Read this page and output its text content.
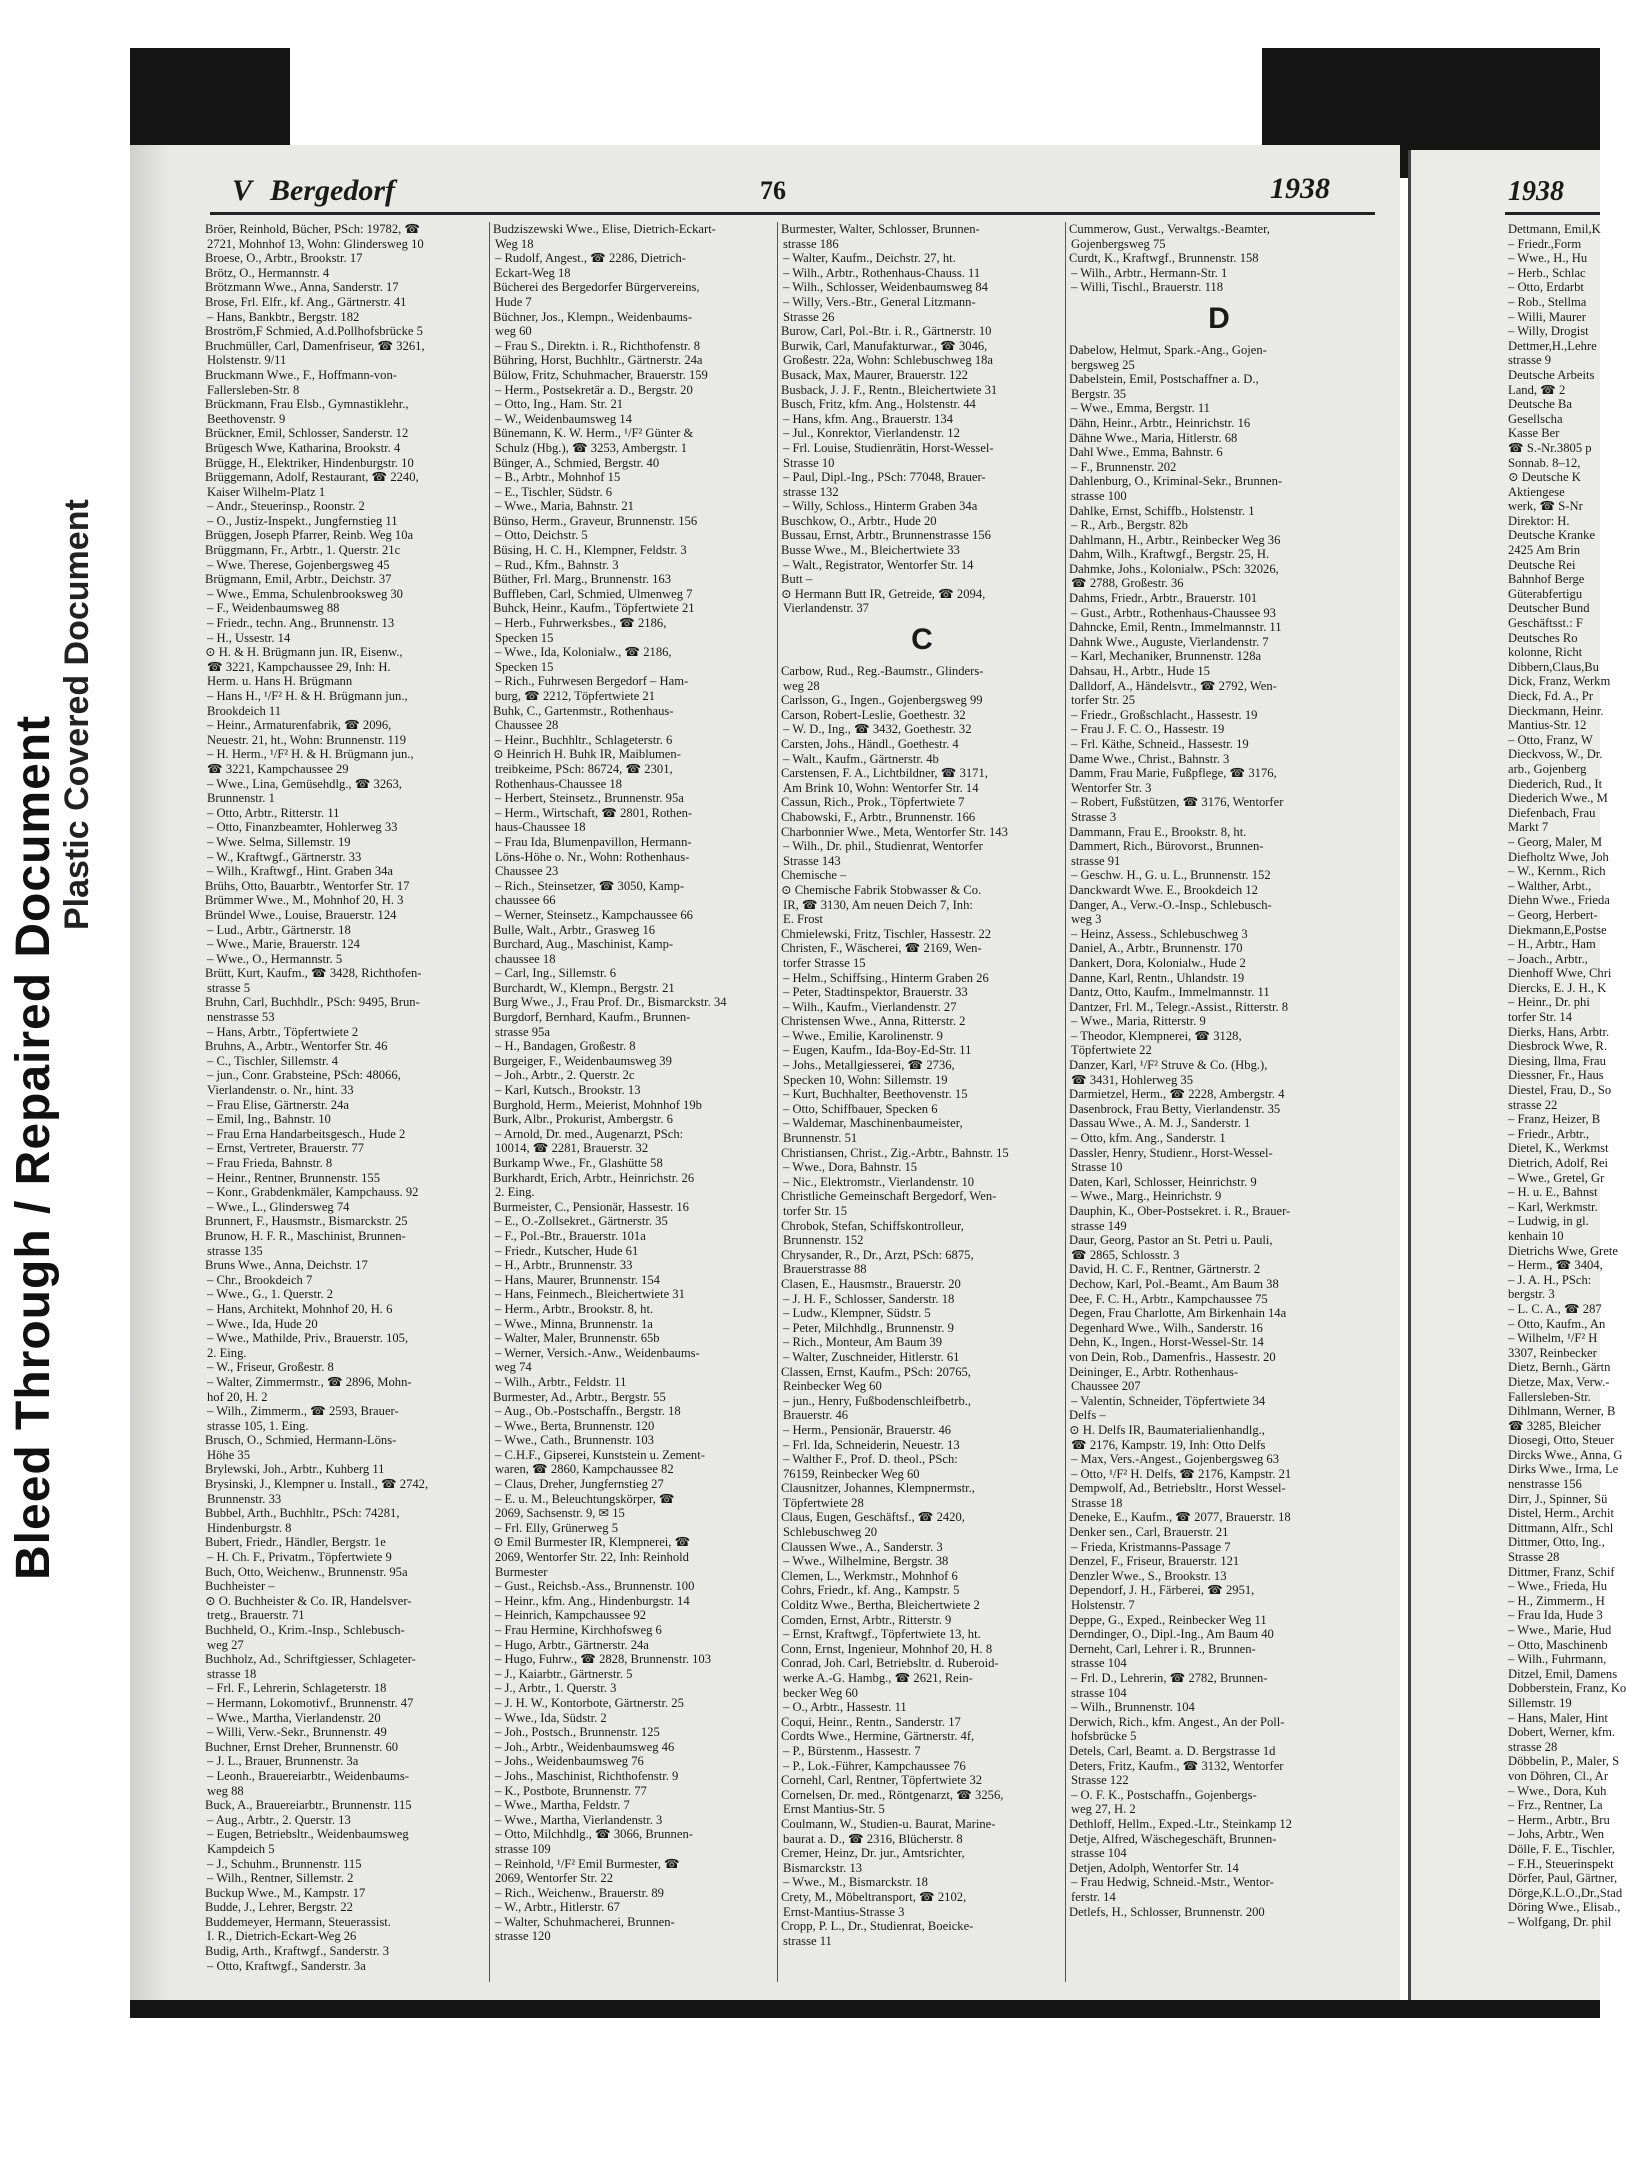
Bleed Through / Repaired Document
Plastic Covered Document
V Bergedorf	76	1938
Bröer, Reinhold, Bücher, PSch: 19782, ☎
2721, Mohnhof 13, Wohn: Glindersweg 10
Broese, O., Arbtr., Brookstr. 17
Brötz, O., Hermannstr. 4
Brötzmann Wwe., Anna, Sanderstr. 17
Brose, Frl. Elfr., kf. Ang., Gärtnerstr. 41
– Hans, Bankbtr., Bergstr. 182
Broström,F Schmied, A.d.Pollhofsbrücke 5
Bruchmüller, Carl, Damenfriseur, ☎ 3261,
Holstenstr. 9/11
Bruckmann Wwe., F., Hoffmann-von-
Fallersleben-Str. 8
Brückmann, Frau Elsb., Gymnastiklehr.,
Beethovenstr. 9
Brückner, Emil, Schlosser, Sanderstr. 12
Brügesch Wwe, Katharina, Brookstr. 4
Brügge, H., Elektriker, Hindenburgstr. 10
Brüggemann, Adolf, Restaurant, ☎ 2240,
Kaiser Wilhelm-Platz 1
– Andr., Steuerinsp., Roonstr. 2
– O., Justiz-Inspekt., Jungfernstieg 11
Brüggen, Joseph Pfarrer, Reinb. Weg 10a
Brüggmann, Fr., Arbtr., 1. Querstr. 21c
– Wwe. Therese, Gojenbergsweg 45
Brügmann, Emil, Arbtr., Deichstr. 37
– Wwe., Emma, Schulenbrooksweg 30
– F., Weidenbaumsweg 88
– Friedr., techn. Ang., Brunnenstr. 13
– H., Ussestr. 14
⊙ H. & H. Brügmann jun. IR, Eisenw.,
☎ 3221, Kampchaussee 29, Inh: H.
Herm. u. Hans H. Brügmann
– Hans H., ¹/F² H. & H. Brügmann jun.,
Brookdeich 11
– Heinr., Armaturenfabrik, ☎ 2096,
Neuestr. 21, ht., Wohn: Brunnenstr. 119
– H. Herm., ¹/F² H. & H. Brügmann jun.,
☎ 3221, Kampchaussee 29
– Wwe., Lina, Gemüsehdlg., ☎ 3263,
Brunnenstr. 1
– Otto, Arbtr., Ritterstr. 11
– Otto, Finanzbeamter, Hohlerweg 33
– Wwe. Selma, Sillemstr. 19
– W., Kraftwgf., Gärtnerstr. 33
– Wilh., Kraftwgf., Hint. Graben 34a
Brühs, Otto, Bauarbtr., Wentorfer Str. 17
Brümmer Wwe., M., Mohnhof 20, H. 3
Bründel Wwe., Louise, Brauerstr. 124
– Lud., Arbtr., Gärtnerstr. 18
– Wwe., Marie, Brauerstr. 124
– Wwe., O., Hermannstr. 5
Brütt, Kurt, Kaufm., ☎ 3428, Richthofen-
strasse 5
Bruhn, Carl, Buchhdlr., PSch: 9495, Brun-
nenstrasse 53
– Hans, Arbtr., Töpfertwiete 2
Bruhns, A., Arbtr., Wentorfer Str. 46
– C., Tischler, Sillemstr. 4
– jun., Conr. Grabsteine, PSch: 48066,
Vierlandenstr. o. Nr., hint. 33
– Frau Elise, Gärtnerstr. 24a
– Emil, Ing., Bahnstr. 10
– Frau Erna Handarbeitsgesch., Hude 2
– Ernst, Vertreter, Brauerstr. 77
– Frau Frieda, Bahnstr. 8
– Heinr., Rentner, Brunnenstr. 155
– Konr., Grabdenkmäler, Kampchauss. 92
– Wwe., L., Glindersweg 74
Brunnert, F., Hausmstr., Bismarckstr. 25
Brunow, H. F. R., Maschinist, Brunnen-
strasse 135
Bruns Wwe., Anna, Deichstr. 17
– Chr., Brookdeich 7
– Wwe., G., 1. Querstr. 2
– Hans, Architekt, Mohnhof 20, H. 6
– Wwe., Ida, Hude 20
– Wwe., Mathilde, Priv., Brauerstr. 105,
2. Eing.
– W., Friseur, Großestr. 8
– Walter, Zimmermstr., ☎ 2896, Mohn-
hof 20, H. 2
– Wilh., Zimmerm., ☎ 2593, Brauer-
strasse 105, 1. Eing.
Brusch, O., Schmied, Hermann-Löns-
Höhe 35
Brylewski, Joh., Arbtr., Kuhberg 11
Brysinski, J., Klempner u. Install., ☎ 2742,
Brunnenstr. 33
Bubbel, Arth., Buchhltr., PSch: 74281,
Hindenburgstr. 8
Bubert, Friedr., Händler, Bergstr. 1e
– H. Ch. F., Privatm., Töpfertwiete 9
Buch, Otto, Weichenw., Brunnenstr. 95a
Buchheister –
⊙ O. Buchheister & Co. IR, Handelsver-
tretg., Brauerstr. 71
Buchheld, O., Krim.-Insp., Schlebusch-
weg 27
Buchholz, Ad., Schriftgiesser, Schlageter-
strasse 18
– Frl. F., Lehrerin, Schlageterstr. 18
– Hermann, Lokomotivf., Brunnenstr. 47
– Wwe., Martha, Vierlandenstr. 20
– Willi, Verw.-Sekr., Brunnenstr. 49
Buchner, Ernst Dreher, Brunnenstr. 60
– J. L., Brauer, Brunnenstr. 3a
– Leonh., Brauereiarbtr., Weidenbaums-
weg 88
Buck, A., Brauereiarbtr., Brunnenstr. 115
– Aug., Arbtr., 2. Querstr. 13
– Eugen, Betriebsltr., Weidenbaumsweg
Kampdeich 5
– J., Schuhm., Brunnenstr. 115
– Wilh., Rentner, Sillemstr. 2
Buckup Wwe., M., Kampstr. 17
Budde, J., Lehrer, Bergstr. 22
Buddemeyer, Hermann, Steuerassist.
I. R., Dietrich-Eckart-Weg 26
Budig, Arth., Kraftwgf., Sanderstr. 3
– Otto, Kraftwgf., Sanderstr. 3a
Budziszewski Wwe., Elise, Dietrich-Eckart-
Weg 18
– Rudolf, Angest., ☎ 2286, Dietrich-
Eckart-Weg 18
Bücherei des Bergedorfer Bürgervereins,
Hude 7
Büchner, Jos., Klempn., Weidenbaums-
weg 60
– Frau S., Direktn. i. R., Richthofenstr. 8
Bühring, Horst, Buchhltr., Gärtnerstr. 24a
Bülow, Fritz, Schuhmacher, Brauerstr. 159
– Herm., Postsekretär a. D., Bergstr. 20
– Otto, Ing., Ham. Str. 21
– W., Weidenbaumsweg 14
Bünemann, K. W. Herm., ¹/F² Günter &
Schulz (Hbg.), ☎ 3253, Ambergstr. 1
Bünger, A., Schmied, Bergstr. 40
– B., Arbtr., Mohnhof 15
– E., Tischler, Südstr. 6
– Wwe., Maria, Bahnstr. 21
Bünso, Herm., Graveur, Brunnenstr. 156
– Otto, Deichstr. 5
Büsing, H. C. H., Klempner, Feldstr. 3
– Rud., Kfm., Bahnstr. 3
Büther, Frl. Marg., Brunnenstr. 163
Buffleben, Carl, Schmied, Ulmenweg 7
Buhck, Heinr., Kaufm., Töpfertwiete 21
– Herb., Fuhrwerksbes., ☎ 2186,
Specken 15
– Wwe., Ida, Kolonialw., ☎ 2186,
Specken 15
– Rich., Fuhrwesen Bergedorf – Ham-
burg, ☎ 2212, Töpfertwiete 21
Buhk, C., Gartenmstr., Rothenhaus-
Chaussee 28
– Heinr., Buchhltr., Schlageterstr. 6
⊙ Heinrich H. Buhk IR, Maiblumen-
treibkeime, PSch: 86724, ☎ 2301,
Rothenhaus-Chaussee 18
– Herbert, Steinsetz., Brunnenstr. 95a
– Herm., Wirtschaft, ☎ 2801, Rothen-
haus-Chaussee 18
– Frau Ida, Blumenpavillon, Hermann-
Löns-Höhe o. Nr., Wohn: Rothenhaus-
Chaussee 23
– Rich., Steinsetzer, ☎ 3050, Kamp-
chaussee 66
– Werner, Steinsetz., Kampchaussee 66
Bulle, Walt., Arbtr., Grasweg 16
Burchard, Aug., Maschinist, Kamp-
chaussee 18
– Carl, Ing., Sillemstr. 6
Burchardt, W., Klempn., Bergstr. 21
Burg Wwe., J., Frau Prof. Dr., Bismarckstr. 34
Burgdorf, Bernhard, Kaufm., Brunnen-
strasse 95a
– H., Bandagen, Großestr. 8
Burgeiger, F., Weidenbaumsweg 39
– Joh., Arbtr., 2. Querstr. 2c
– Karl, Kutsch., Brookstr. 13
Burghold, Herm., Meierist, Mohnhof 19b
Burk, Albr., Prokurist, Ambergstr. 6
– Arnold, Dr. med., Augenarzt, PSch:
10014, ☎ 2281, Brauerstr. 32
Burkamp Wwe., Fr., Glashütte 58
Burkhardt, Erich, Arbtr., Heinrichstr. 26
2. Eing.
Burmeister, C., Pensionär, Hassestr. 16
– E., O.-Zollsekret., Gärtnerstr. 35
– F., Pol.-Btr., Brauerstr. 101a
– Friedr., Kutscher, Hude 61
– H., Arbtr., Brunnenstr. 33
– Hans, Maurer, Brunnenstr. 154
– Hans, Feinmech., Bleichertwiete 31
– Herm., Arbtr., Brookstr. 8, ht.
– Wwe., Minna, Brunnenstr. 1a
– Walter, Maler, Brunnenstr. 65b
– Werner, Versich.-Anw., Weidenbaums-
weg 74
– Wilh., Arbtr., Feldstr. 11
Burmester, Ad., Arbtr., Bergstr. 55
– Aug., Ob.-Postschaffn., Bergstr. 18
– Wwe., Berta, Brunnenstr. 120
– Wwe., Cath., Brunnenstr. 103
– C.H.F., Gipserei, Kunststein u. Zement-
waren, ☎ 2860, Kampchaussee 82
– Claus, Dreher, Jungfernstieg 27
– E. u. M., Beleuchtungskörper, ☎
2069, Sachsenstr. 9, ✉ 15
– Frl. Elly, Grünerweg 5
⊙ Emil Burmester IR, Klempnerei, ☎
2069, Wentorfer Str. 22, Inh: Reinhold
Burmester
– Gust., Reichsb.-Ass., Brunnenstr. 100
– Heinr., kfm. Ang., Hindenburgstr. 14
– Heinrich, Kampchaussee 92
– Frau Hermine, Kirchhofsweg 6
– Hugo, Arbtr., Gärtnerstr. 24a
– Hugo, Fuhrw., ☎ 2828, Brunnenstr. 103
– J., Kaiarbtr., Gärtnerstr. 5
– J., Arbtr., 1. Querstr. 3
– J. H. W., Kontorbote, Gärtnerstr. 25
– Wwe., Ida, Südstr. 2
– Joh., Postsch., Brunnenstr. 125
– Joh., Arbtr., Weidenbaumsweg 46
– Johs., Weidenbaumsweg 76
– Johs., Maschinist, Richthofenstr. 9
– K., Postbote, Brunnenstr. 77
– Wwe., Martha, Feldstr. 7
– Wwe., Martha, Vierlandenstr. 3
– Otto, Milchhdlg., ☎ 3066, Brunnen-
strasse 109
– Reinhold, ¹/F² Emil Burmester, ☎
2069, Wentorfer Str. 22
– Rich., Weichenw., Brauerstr. 89
– W., Arbtr., Hitlerstr. 67
– Walter, Schuhmacherei, Brunnen-
strasse 120
Burmester, Walter, Schlosser, Brunnen-
strasse 186
– Walter, Kaufm., Deichstr. 27, ht.
– Wilh., Arbtr., Rothenhaus-Chauss. 11
– Wilh., Schlosser, Weidenbaumsweg 84
– Willy, Vers.-Btr., General Litzmann-
Strasse 26
Burow, Carl, Pol.-Btr. i. R., Gärtnerstr. 10
Burwik, Carl, Manufakturwar., ☎ 3046,
Großestr. 22a, Wohn: Schlebuschweg 18a
Busack, Max, Maurer, Brauerstr. 122
Busback, J. J. F., Rentn., Bleichertwiete 31
Busch, Fritz, kfm. Ang., Holstenstr. 44
– Hans, kfm. Ang., Brauerstr. 134
– Jul., Konrektor, Vierlandenstr. 12
– Frl. Louise, Studienrätin, Horst-Wessel-
Strasse 10
– Paul, Dipl.-Ing., PSch: 77048, Brauer-
strasse 132
– Willy, Schloss., Hinterm Graben 34a
Buschkow, O., Arbtr., Hude 20
Bussau, Ernst, Arbtr., Brunnenstrasse 156
Busse Wwe., M., Bleichertwiete 33
– Walt., Registrator, Wentorfer Str. 14
Butt –
⊙ Hermann Butt IR, Getreide, ☎ 2094,
Vierlandenstr. 37
C
Carbow, Rud., Reg.-Baumstr., Glinders-
weg 28
Carlsson, G., Ingen., Gojenbergsweg 99
Carson, Robert-Leslie, Goethestr. 32
– W. D., Ing., ☎ 3432, Goethestr. 32
Carsten, Johs., Händl., Goethestr. 4
– Walt., Kaufm., Gärtnerstr. 4b
Carstensen, F. A., Lichtbildner, ☎ 3171,
Am Brink 10, Wohn: Wentorfer Str. 14
Cassun, Rich., Prok., Töpfertwiete 7
Chabowski, F., Arbtr., Brunnenstr. 166
Charbonnier Wwe., Meta, Wentorfer Str. 143
– Wilh., Dr. phil., Studienrat, Wentorfer
Strasse 143
Chemische –
⊙ Chemische Fabrik Stobwasser & Co.
IR, ☎ 3130, Am neuen Deich 7, Inh:
E. Frost
Chmielewski, Fritz, Tischler, Hassestr. 22
Christen, F., Wäscherei, ☎ 2169, Wen-
torfer Strasse 15
– Helm., Schiffsing., Hinterm Graben 26
– Peter, Stadtinspektor, Brauerstr. 33
– Wilh., Kaufm., Vierlandenstr. 27
Christensen Wwe., Anna, Ritterstr. 2
– Wwe., Emilie, Karolinenstr. 9
– Eugen, Kaufm., Ida-Boy-Ed-Str. 11
– Johs., Metallgiesserei, ☎ 2736,
Specken 10, Wohn: Sillemstr. 19
– Kurt, Buchhalter, Beethovenstr. 15
– Otto, Schiffbauer, Specken 6
– Waldemar, Maschinenbaumeister,
Brunnenstr. 51
Christiansen, Christ., Zig.-Arbtr., Bahnstr. 15
– Wwe., Dora, Bahnstr. 15
– Nic., Elektromstr., Vierlandenstr. 10
Christliche Gemeinschaft Bergedorf, Wen-
torfer Str. 15
Chrobok, Stefan, Schiffskontrolleur,
Brunnenstr. 152
Chrysander, R., Dr., Arzt, PSch: 6875,
Brauerstrasse 88
Clasen, E., Hausmstr., Brauerstr. 20
– J. H. F., Schlosser, Sanderstr. 18
– Ludw., Klempner, Südstr. 5
– Peter, Milchhdlg., Brunnenstr. 9
– Rich., Monteur, Am Baum 39
– Walter, Zuschneider, Hitlerstr. 61
Classen, Ernst, Kaufm., PSch: 20765,
Reinbecker Weg 60
– jun., Henry, Fußbodenschleifbetrb.,
Brauerstr. 46
– Herm., Pensionär, Brauerstr. 46
– Frl. Ida, Schneiderin, Neuestr. 13
– Walther F., Prof. D. theol., PSch:
76159, Reinbecker Weg 60
Clausnitzer, Johannes, Klempnermstr.,
Töpfertwiete 28
Claus, Eugen, Geschäftsf., ☎ 2420,
Schlebuschweg 20
Claussen Wwe., A., Sanderstr. 3
– Wwe., Wilhelmine, Bergstr. 38
Clemen, L., Werkmstr., Mohnhof 6
Cohrs, Friedr., kf. Ang., Kampstr. 5
Colditz Wwe., Bertha, Bleichertwiete 2
Comden, Ernst, Arbtr., Ritterstr. 9
– Ernst, Kraftwgf., Töpfertwiete 13, ht.
Conn, Ernst, Ingenieur, Mohnhof 20, H. 8
Conrad, Joh. Carl, Betriebsltr. d. Ruberoid-
werke A.-G. Hambg., ☎ 2621, Rein-
becker Weg 60
– O., Arbtr., Hassestr. 11
Coqui, Heinr., Rentn., Sanderstr. 17
Cordts Wwe., Hermine, Gärtnerstr. 4f,
– P., Bürstenm., Hassestr. 7
– P., Lok.-Führer, Kampchaussee 76
Cornehl, Carl, Rentner, Töpfertwiete 32
Cornelsen, Dr. med., Röntgenarzt, ☎ 3256,
Ernst Mantius-Str. 5
Coulmann, W., Studien-u. Baurat, Marine-
baurat a. D., ☎ 2316, Blücherstr. 8
Cremer, Heinz, Dr. jur., Amtsrichter,
Bismarckstr. 13
– Wwe., M., Bismarckstr. 18
Crety, M., Möbeltransport, ☎ 2102,
Ernst-Mantius-Strasse 3
Cropp, P. L., Dr., Studienrat, Boeicke-
strasse 11
Cummerow, Gust., Verwaltgs.-Beamter,
Gojenbergsweg 75
Curdt, K., Kraftwgf., Brunnenstr. 158
– Wilh., Arbtr., Hermann-Str. 1
– Willi, Tischl., Brauerstr. 118
D
Dabelow, Helmut, Spark.-Ang., Gojen-
bergsweg 25
Dabelstein, Emil, Postschaffner a. D.,
Bergstr. 35
– Wwe., Emma, Bergstr. 11
Dähn, Heinr., Arbtr., Heinrichstr. 16
Dähne Wwe., Maria, Hitlerstr. 68
Dahl Wwe., Emma, Bahnstr. 6
– F., Brunnenstr. 202
Dahlenburg, O., Kriminal-Sekr., Brunnen-
strasse 100
Dahlke, Ernst, Schiffb., Holstenstr. 1
– R., Arb., Bergstr. 82b
Dahlmann, H., Arbtr., Reinbecker Weg 36
Dahm, Wilh., Kraftwgf., Bergstr. 25, H.
Dahmke, Johs., Kolonialw., PSch: 32026,
☎ 2788, Großestr. 36
Dahms, Friedr., Arbtr., Brauerstr. 101
– Gust., Arbtr., Rothenhaus-Chaussee 93
Dahncke, Emil, Rentn., Immelmannstr. 11
Dahnk Wwe., Auguste, Vierlandenstr. 7
– Karl, Mechaniker, Brunnenstr. 128a
Dahsau, H., Arbtr., Hude 15
Dalldorf, A., Händelsvtr., ☎ 2792, Wen-
torfer Str. 25
– Friedr., Großschlacht., Hassestr. 19
– Frau J. F. C. O., Hassestr. 19
– Frl. Käthe, Schneid., Hassestr. 19
Dame Wwe., Christ., Bahnstr. 3
Damm, Frau Marie, Fußpflege, ☎ 3176,
Wentorfer Str. 3
– Robert, Fußstützen, ☎ 3176, Wentorfer
Strasse 3
Dammann, Frau E., Brookstr. 8, ht.
Dammert, Rich., Bürovorst., Brunnen-
strasse 91
– Geschw. H., G. u. L., Brunnenstr. 152
Danckwardt Wwe. E., Brookdeich 12
Danger, A., Verw.-O.-Insp., Schlebusch-
weg 3
– Heinz, Assess., Schlebuschweg 3
Daniel, A., Arbtr., Brunnenstr. 170
Dankert, Dora, Kolonialw., Hude 2
Danne, Karl, Rentn., Uhlandstr. 19
Dantz, Otto, Kaufm., Immelmannstr. 11
Dantzer, Frl. M., Telegr.-Assist., Ritterstr. 8
– Wwe., Maria, Ritterstr. 9
– Theodor, Klempnerei, ☎ 3128,
Töpfertwiete 22
Danzer, Karl, ¹/F² Struve & Co. (Hbg.),
☎ 3431, Hohlerweg 35
Darmietzel, Herm., ☎ 2228, Ambergstr. 4
Dasenbrock, Frau Betty, Vierlandenstr. 35
Dassau Wwe., A. M. J., Sanderstr. 1
– Otto, kfm. Ang., Sanderstr. 1
Dassler, Henry, Studienr., Horst-Wessel-
Strasse 10
Daten, Karl, Schlosser, Heinrichstr. 9
– Wwe., Marg., Heinrichstr. 9
Dauphin, K., Ober-Postsekret. i. R., Brauer-
strasse 149
Daur, Georg, Pastor an St. Petri u. Pauli,
☎ 2865, Schlosstr. 3
David, H. C. F., Rentner, Gärtnerstr. 2
Dechow, Karl, Pol.-Beamt., Am Baum 38
Dee, F. C. H., Arbtr., Kampchaussee 75
Degen, Frau Charlotte, Am Birkenhain 14a
Degenhard Wwe., Wilh., Sanderstr. 16
Dehn, K., Ingen., Horst-Wessel-Str. 14
von Dein, Rob., Damenfris., Hassestr. 20
Deininger, E., Arbtr. Rothenhaus-
Chaussee 207
– Valentin, Schneider, Töpfertwiete 34
Delfs –
⊙ H. Delfs IR, Baumaterialienhandlg.,
☎ 2176, Kampstr. 19, Inh: Otto Delfs
– Max, Vers.-Angest., Gojenbergsweg 63
– Otto, ¹/F² H. Delfs, ☎ 2176, Kampstr. 21
Dempwolf, Ad., Betriebsltr., Horst Wessel-
Strasse 18
Deneke, E., Kaufm., ☎ 2077, Brauerstr. 18
Denker sen., Carl, Brauerstr. 21
– Frieda, Kristmanns-Passage 7
Denzel, F., Friseur, Brauerstr. 121
Denzler Wwe., S., Brookstr. 13
Dependorf, J. H., Färberei, ☎ 2951,
Holstenstr. 7
Deppe, G., Exped., Reinbecker Weg 11
Derndinger, O., Dipl.-Ing., Am Baum 40
Derneht, Carl, Lehrer i. R., Brunnen-
strasse 104
– Frl. D., Lehrerin, ☎ 2782, Brunnen-
strasse 104
– Wilh., Brunnenstr. 104
Derwich, Rich., kfm. Angest., An der Poll-
hofsbrücke 5
Detels, Carl, Beamt. a. D. Bergstrasse 1d
Deters, Fritz, Kaufm., ☎ 3132, Wentorfer
Strasse 122
– O. F. K., Postschaffn., Gojenbergs-
weg 27, H. 2
Dethloff, Hellm., Exped.-Ltr., Steinkamp 12
Detje, Alfred, Wäschegeschäft, Brunnen-
strasse 104
Detjen, Adolph, Wentorfer Str. 14
– Frau Hedwig, Schneid.-Mstr., Wentor-
ferstr. 14
Detlefs, H., Schlosser, Brunnenstr. 200
1938
Dettmann, Emil,K
– Friedr.,Form
– Wwe., H., Hu
– Herb., Schlac
– Otto, Erdarbt
– Rob., Stellma
– Willi, Maurer
– Willy, Drogist
Dettmer,H.,Lehre
strasse 9
Deutsche Arbeits
Land, ☎ 2
Deutsche Ba
Gesellscha
Kasse Ber
☎ S.-Nr.3805 p
Sonnab. 8–12,
⊙ Deutsche K
Aktiengese
werk, ☎ S-Nr
Direktor: H.
Deutsche Kranke
2425 Am Brin
Deutsche Rei
Bahnhof Berge
Güterabfertigu
Deutscher Bund
Geschäftsst.: F
Deutsches Ro
kolonne, Richt
Dibbern,Claus,Bu
Dick, Franz, Werkm
Dieck, Fd. A., Pr
Dieckmann, Heinr.
Mantius-Str. 12
– Otto, Franz, W
Dieckvoss, W., Dr.
arb., Gojenberg
Diederich, Rud., It
Diederich Wwe., M
Diefenbach, Frau
Markt 7
– Georg, Maler, M
Diefholtz Wwe, Joh
– W., Kernm., Rich
– Walther, Arbt.,
Diehn Wwe., Frieda
– Georg, Herbert-
Diekmann,E,Postse
– H., Arbtr., Ham
– Joach., Arbtr.,
Dienhoff Wwe, Chri
Diercks, E. J. H., K
– Heinr., Dr. phi
torfer Str. 14
Dierks, Hans, Arbtr.
Diesbrock Wwe, R.
Diesing, Ilma, Frau
Diessner, Fr., Haus
Diestel, Frau, D., So
strasse 22
– Franz, Heizer, B
– Friedr., Arbtr.,
Dietel, K., Werkmst
Dietrich, Adolf, Rei
– Wwe., Gretel, Gr
– H. u. E., Bahnst
– Karl, Werkmstr.
– Ludwig, in gl.
kenhain 10
Dietrichs Wwe, Grete
– Herm., ☎ 3404,
– J. A. H., PSch:
bergstr. 3
– L. C. A., ☎ 287
– Otto, Kaufm., An
– Wilhelm, ¹/F² H
3307, Reinbecker
Dietz, Bernh., Gärtn
Dietze, Max, Verw.-
Fallersleben-Str.
Dihlmann, Werner, B
☎ 3285, Bleicher
Diosegi, Otto, Steuer
Dircks Wwe., Anna, G
Dirks Wwe., Irma, Le
nenstrasse 156
Dirr, J., Spinner, Sü
Distel, Herm., Archit
Dittmann, Alfr., Schl
Dittmer, Otto, Ing.,
Strasse 28
Dittmer, Franz, Schif
– Wwe., Frieda, Hu
– H., Zimmerm., H
– Frau Ida, Hude 3
– Wwe., Marie, Hud
– Otto, Maschinenb
– Wilh., Fuhrmann,
Ditzel, Emil, Damens
Dobberstein, Franz, Ko
Sillemstr. 19
– Hans, Maler, Hint
Dobert, Werner, kfm.
strasse 28
Döbbelin, P., Maler, S
von Döhren, Cl., Ar
– Wwe., Dora, Kuh
– Frz., Rentner, La
– Herm., Arbtr., Bru
– Johs, Arbtr., Wen
Dölle, F. E., Tischler,
– F.H., Steuerinspekt
Dörfer, Paul, Gärtner,
Dörge,K.L.O.,Dr.,Stad
Döring Wwe., Elisab.,
– Wolfgang, Dr. phil
